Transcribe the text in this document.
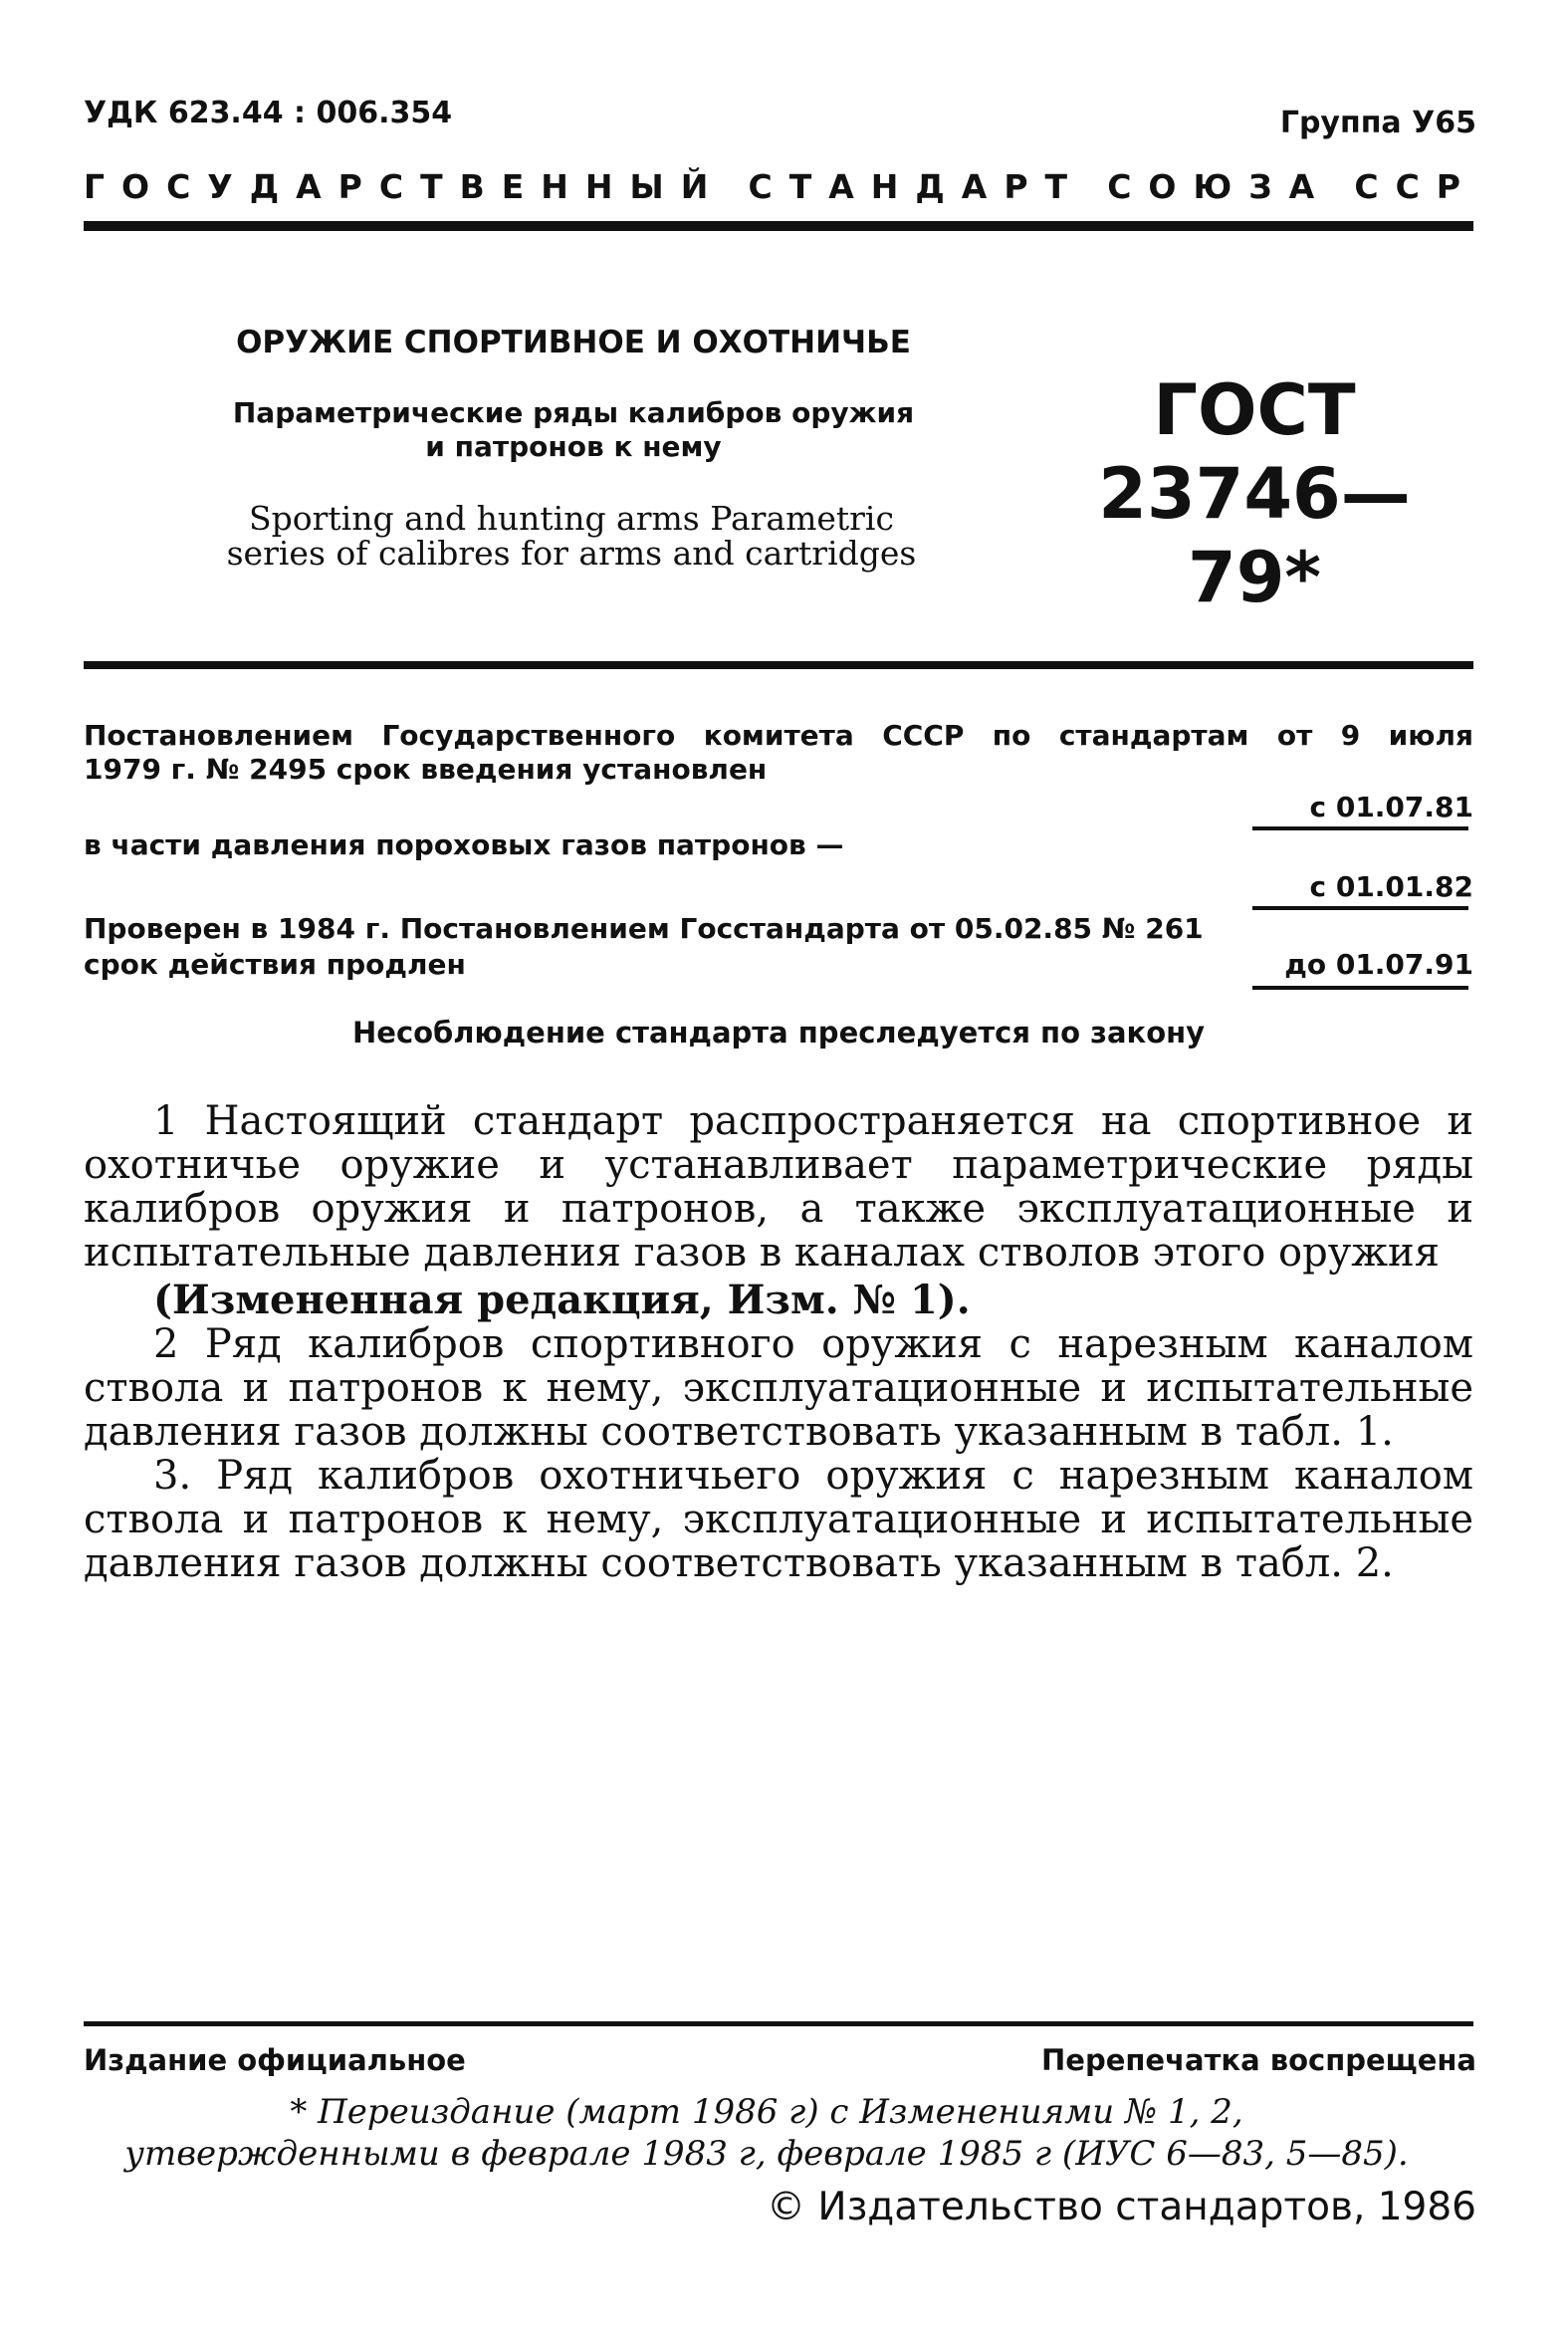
УДК 623.44 : 006.354	Группа У65
ГОСУДАРСТВЕННЫЙ СТАНДАРТ СОЮЗА ССР
ОРУЖИЕ СПОРТИВНОЕ И ОХОТНИЧЬЕ
Параметрические ряды калибров оружия
и патронов к нему
Sporting and hunting arms Parametric
series of calibres for arms and cartridges
ГОСТ
23746—79*
Постановлением Государственного комитета СССР по стандартам от 9 июля
1979 г. № 2495 срок введения установлен
с 01.07.81
в части давления пороховых газов патронов —
с 01.01.82
Проверен в 1984 г. Постановлением Госстандарта от 05.02.85 № 261
срок действия продлен	до 01.07.91
Несоблюдение стандарта преследуется по закону

1 Настоящий стандарт распространяется на спортивное и охотничье оружие и устанавливает параметрические ряды калибров оружия и патронов, а также эксплуатационные и испытательные давления газов в каналах стволов этого оружия

(Измененная редакция, Изм. № 1).

2 Ряд калибров спортивного оружия с нарезным каналом ствола и патронов к нему, эксплуатационные и испытательные давления газов должны соответствовать указанным в табл. 1.

3. Ряд калибров охотничьего оружия с нарезным каналом ствола и патронов к нему, эксплуатационные и испытательные давления газов должны соответствовать указанным в табл. 2.

Издание официальное	Перепечатка воспрещена
* Переиздание (март 1986 г) с Изменениями № 1, 2,
утвержденными в феврале 1983 г, феврале 1985 г (ИУС 6—83, 5—85).
© Издательство стандартов, 1986
